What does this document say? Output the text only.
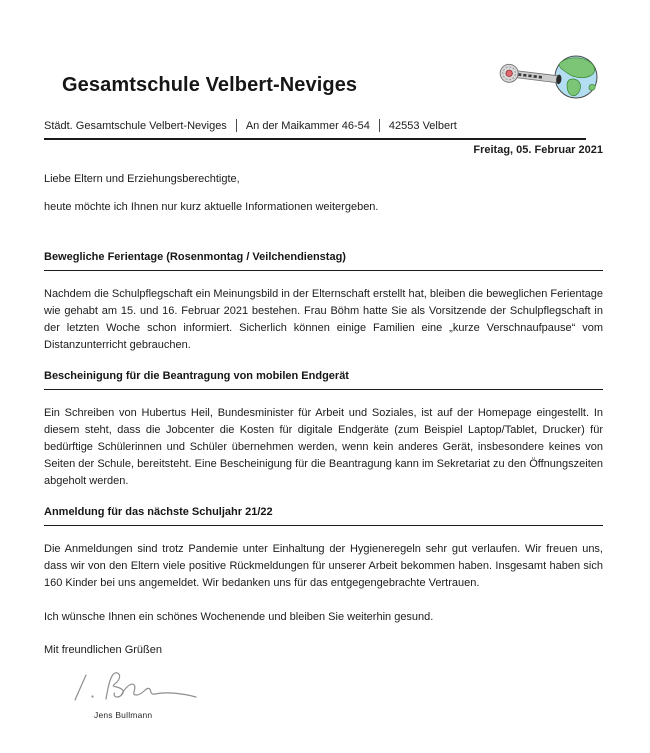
Gesamtschule Velbert-Neviges
Städt. Gesamtschule Velbert-Neviges An der Maikammer 46-54 42553 Velbert
Freitag, 05. Februar 2021

Liebe Eltern und Erziehungsberechtigte,

heute möchte ich Ihnen nur kurz aktuelle Informationen weitergeben.

Bewegliche Ferientage (Rosenmontag / Veilchendienstag)

Nachdem die Schulpflegschaft ein Meinungsbild in der Elternschaft erstellt hat, bleiben die beweglichen Ferientage wie gehabt am 15. und 16. Februar 2021 bestehen. Frau Böhm hatte Sie als Vorsitzende der Schulpflegschaft in der letzten Woche schon informiert. Sicherlich können einige Familien eine „kurze Verschnaufpause“ vom Distanzunterricht gebrauchen.

Bescheinigung für die Beantragung von mobilen Endgerät

Ein Schreiben von Hubertus Heil, Bundesminister für Arbeit und Soziales, ist auf der Homepage eingestellt. In diesem steht, dass die Jobcenter die Kosten für digitale Endgeräte (zum Beispiel Laptop/Tablet, Drucker) für bedürftige Schülerinnen und Schüler übernehmen werden, wenn kein anderes Gerät, insbesondere keines von Seiten der Schule, bereitsteht. Eine Bescheinigung für die Beantragung kann im Sekretariat zu den Öffnungszeiten abgeholt werden.

Anmeldung für das nächste Schuljahr 21/22

Die Anmeldungen sind trotz Pandemie unter Einhaltung der Hygieneregeln sehr gut verlaufen. Wir freuen uns, dass wir von den Eltern viele positive Rückmeldungen für unserer Arbeit bekommen haben. Insgesamt haben sich 160 Kinder bei uns angemeldet. Wir bedanken uns für das entgegengebrachte Vertrauen.

Ich wünsche Ihnen ein schönes Wochenende und bleiben Sie weiterhin gesund.

Mit freundlichen Grüßen

Jens Bullmann
